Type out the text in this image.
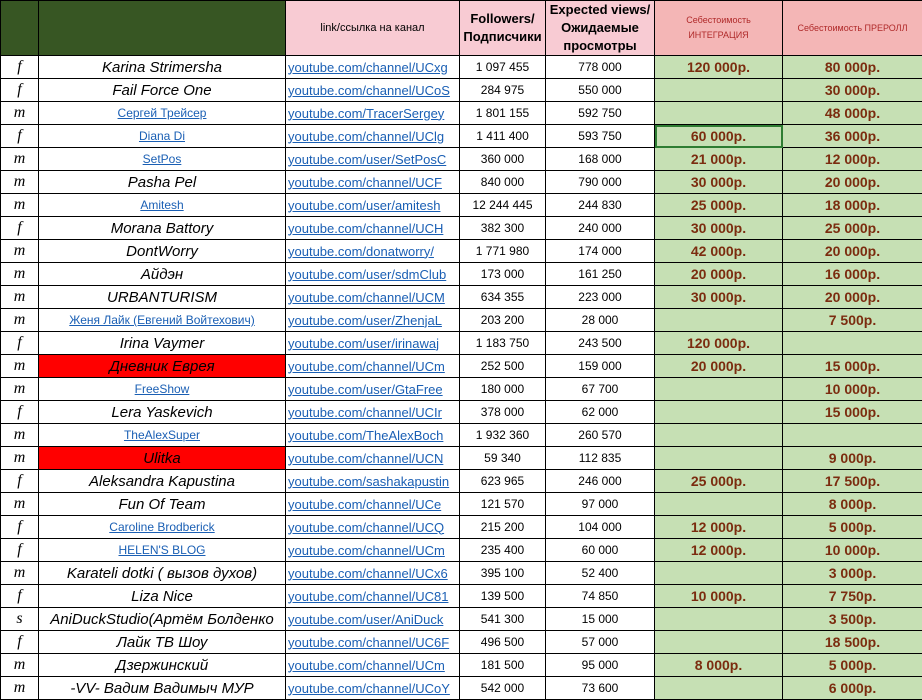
		link/ссылка на канал	Followers/Подписчики	Expected views/Ожидаемые просмотры	Себестоимость ИНТЕГРАЦИЯ	Себестоимость ПРЕРОЛЛ
f	Karina Strimersha	youtube.com/channel/UCxg	1 097 455	778 000	120 000р.	80 000р.
f	Fail Force One	youtube.com/channel/UCoS	284 975	550 000		30 000р.
m	Сергей Трейсер	youtube.com/TracerSergey	1 801 155	592 750		48 000р.
f	Diana Di	youtube.com/channel/UClg	1 411 400	593 750	60 000р.	36 000р.
m	SetPos	youtube.com/user/SetPosC	360 000	168 000	21 000р.	12 000р.
m	Pasha Pel	youtube.com/channel/UCF	840 000	790 000	30 000р.	20 000р.
m	Amitesh	youtube.com/user/amitesh	12 244 445	244 830	25 000р.	18 000р.
f	Morana Battory	youtube.com/channel/UCH	382 300	240 000	30 000р.	25 000р.
m	DontWorry	youtube.com/donatworry/	1 771 980	174 000	42 000р.	20 000р.
m	Айдэн	youtube.com/user/sdmClub	173 000	161 250	20 000р.	16 000р.
m	URBANTURISM	youtube.com/channel/UCM	634 355	223 000	30 000р.	20 000р.
m	Женя Лайк (Евгений Войтехович)	youtube.com/user/ZhenjaL	203 200	28 000		7 500р.
f	Irina Vaymer	youtube.com/user/irinawaj	1 183 750	243 500	120 000р.	
m	Дневник Еврея	youtube.com/channel/UCm	252 500	159 000	20 000р.	15 000р.
m	FreeShow	youtube.com/user/GtaFree	180 000	67 700		10 000р.
f	Lera Yaskevich	youtube.com/channel/UCIr	378 000	62 000		15 000р.
m	TheAlexSuper	youtube.com/TheAlexBoch	1 932 360	260 570		
m	Ulitka	youtube.com/channel/UCN	59 340	112 835		9 000р.
f	Aleksandra Kapustina	youtube.com/sashakapustin	623 965	246 000	25 000р.	17 500р.
m	Fun Of Team	youtube.com/channel/UCe	121 570	97 000		8 000р.
f	Caroline Brodberick	youtube.com/channel/UCQ	215 200	104 000	12 000р.	5 000р.
f	HELEN'S BLOG	youtube.com/channel/UCm	235 400	60 000	12 000р.	10 000р.
m	Karateli dotki ( вызов духов)	youtube.com/channel/UCx6	395 100	52 400		3 000р.
f	Liza Nice	youtube.com/channel/UC81	139 500	74 850	10 000р.	7 750р.
s	AniDuckStudio(Артём Болденко	youtube.com/user/AniDuck	541 300	15 000		3 500р.
f	Лайк ТВ Шоу	youtube.com/channel/UC6F	496 500	57 000		18 500р.
m	Дзержинский	youtube.com/channel/UCm	181 500	95 000	8 000р.	5 000р.
m	-VV- Вадим Вадимыч МУР	youtube.com/channel/UCoY	542 000	73 600		6 000р.
